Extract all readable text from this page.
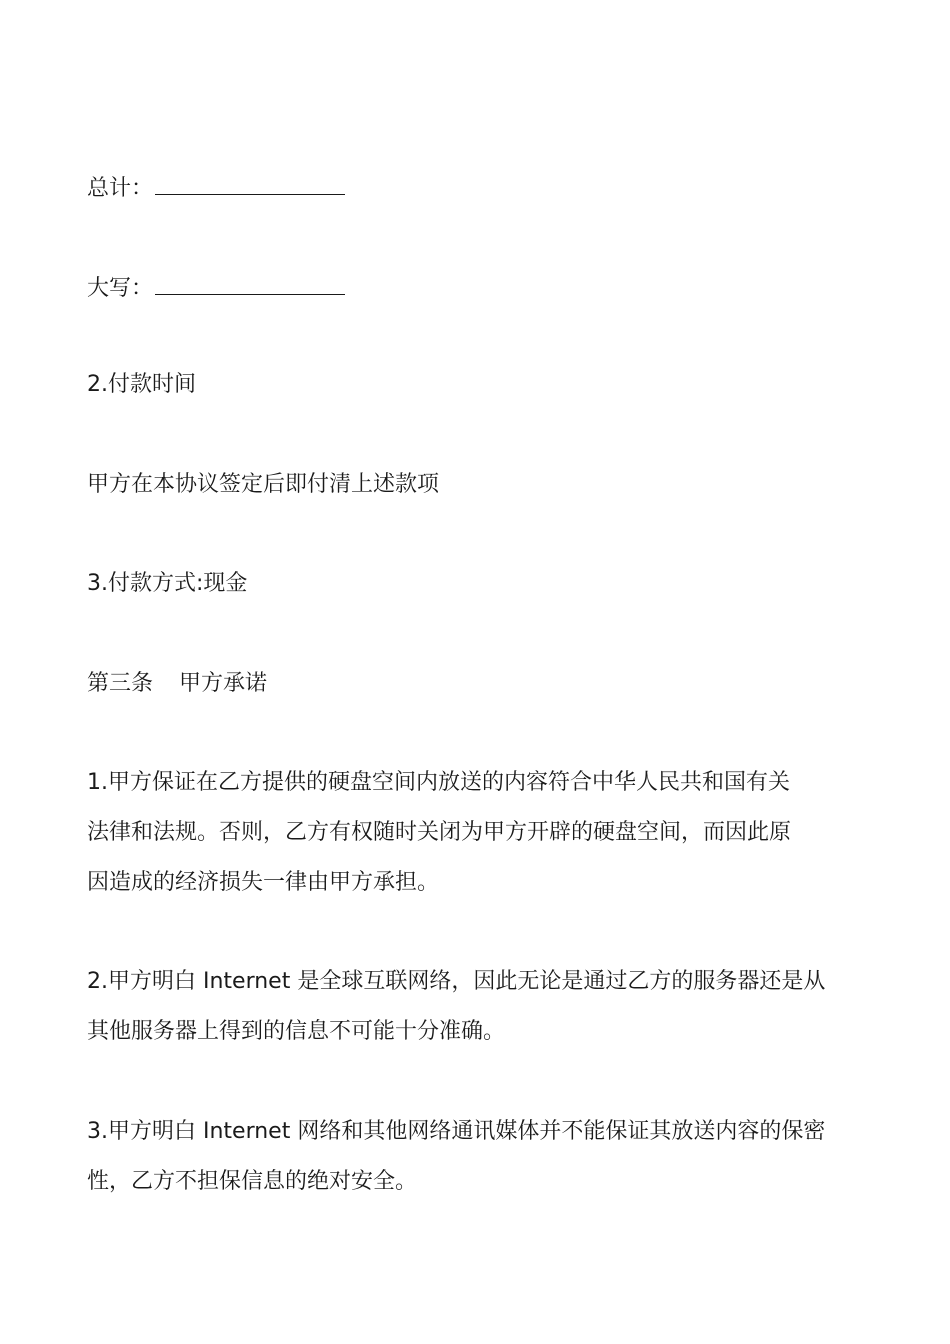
总计：
大写：
2.付款时间
甲方在本协议签定后即付清上述款项
3.付款方式:现金
第三条 甲方承诺
1.甲方保证在乙方提供的硬盘空间内放送的内容符合中华人民共和国有关
法律和法规。否则，乙方有权随时关闭为甲方开辟的硬盘空间，而因此原
因造成的经济损失一律由甲方承担。
2.甲方明白 Internet 是全球互联网络，因此无论是通过乙方的服务器还是从
其他服务器上得到的信息不可能十分准确。
3.甲方明白 Internet 网络和其他网络通讯媒体并不能保证其放送内容的保密
性，乙方不担保信息的绝对安全。
